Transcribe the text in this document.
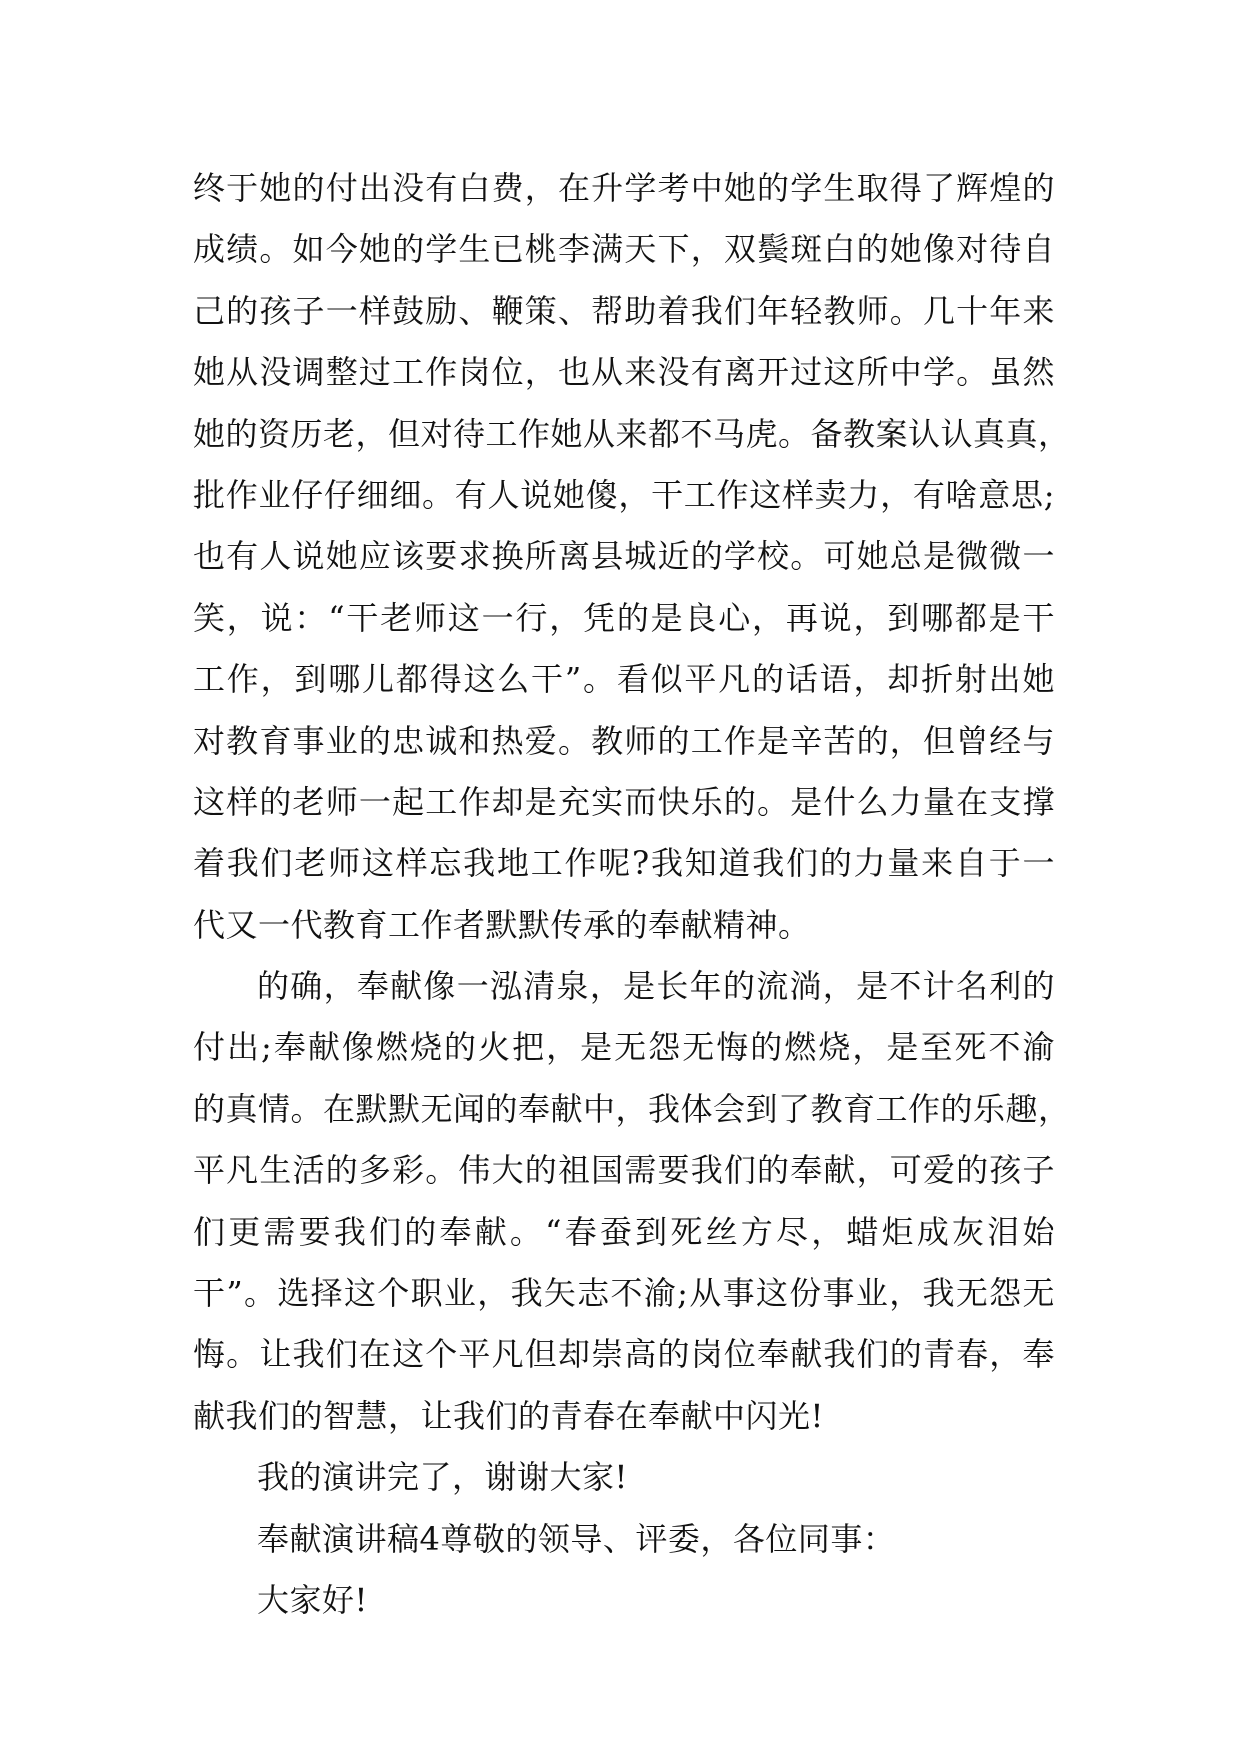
终于她的付出没有白费，在升学考中她的学生取得了辉煌的
成绩。如今她的学生已桃李满天下，双鬓斑白的她像对待自
己的孩子一样鼓励、鞭策、帮助着我们年轻教师。几十年来
她从没调整过工作岗位，也从来没有离开过这所中学。虽然
她的资历老，但对待工作她从来都不马虎。备教案认认真真，
批作业仔仔细细。有人说她傻，干工作这样卖力，有啥意思;
也有人说她应该要求换所离县城近的学校。可她总是微微一
笑，说：“干老师这一行，凭的是良心，再说，到哪都是干
工作，到哪儿都得这么干”。看似平凡的话语，却折射出她
对教育事业的忠诚和热爱。教师的工作是辛苦的，但曾经与
这样的老师一起工作却是充实而快乐的。是什么力量在支撑
着我们老师这样忘我地工作呢?我知道我们的力量来自于一
代又一代教育工作者默默传承的奉献精神。
的确，奉献像一泓清泉，是长年的流淌，是不计名利的
付出;奉献像燃烧的火把，是无怨无悔的燃烧，是至死不渝
的真情。在默默无闻的奉献中，我体会到了教育工作的乐趣，
平凡生活的多彩。伟大的祖国需要我们的奉献，可爱的孩子
们更需要我们的奉献。“春蚕到死丝方尽，蜡炬成灰泪始
干”。选择这个职业，我矢志不渝;从事这份事业，我无怨无
悔。让我们在这个平凡但却崇高的岗位奉献我们的青春，奉
献我们的智慧，让我们的青春在奉献中闪光!
我的演讲完了，谢谢大家!
奉献演讲稿4尊敬的领导、评委，各位同事：
大家好!
